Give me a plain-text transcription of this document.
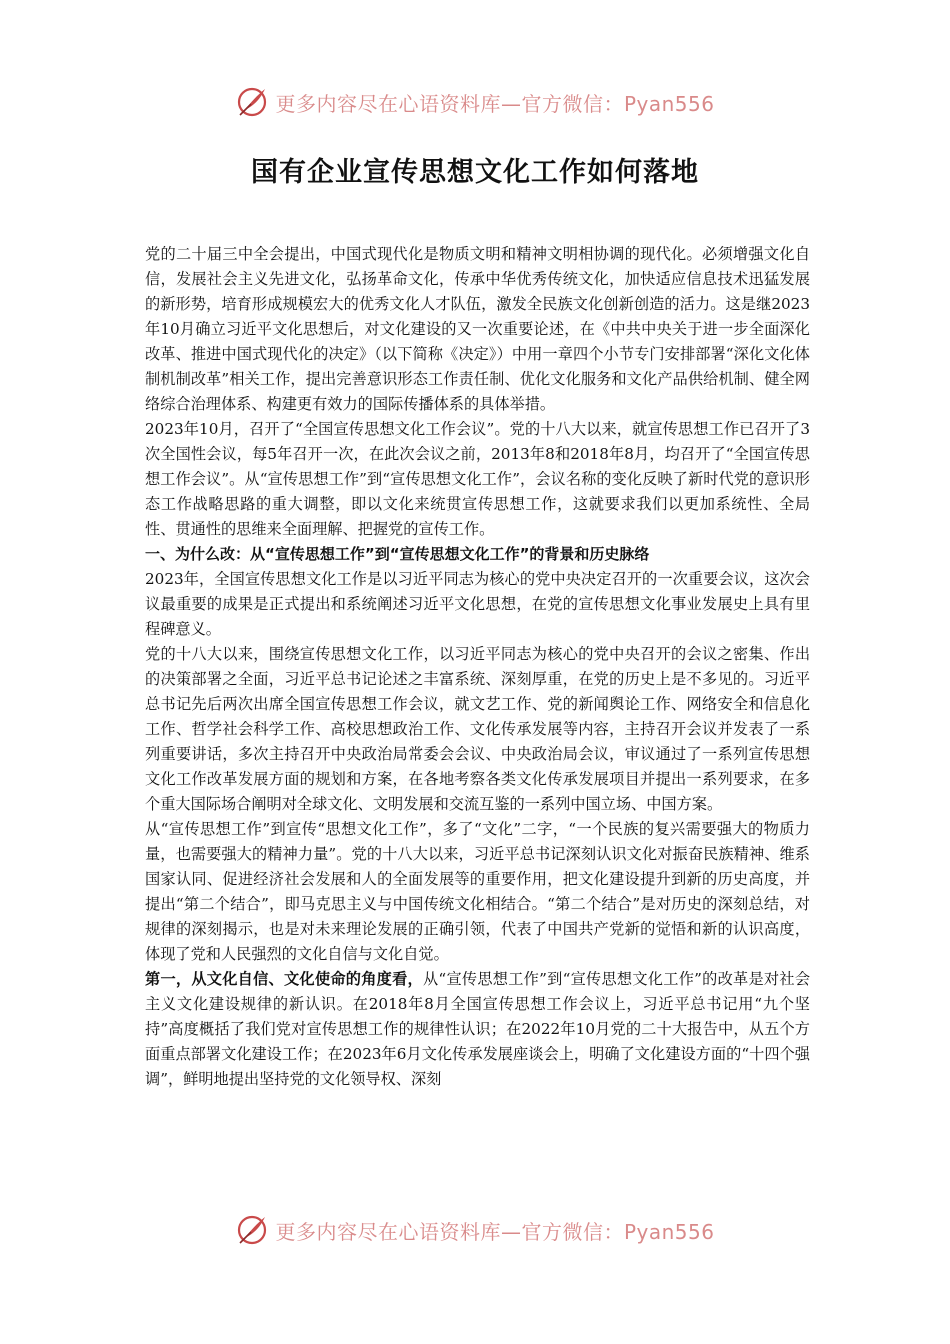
更多内容尽在心语资料库—官方微信：Pyan556
国有企业宣传思想文化工作如何落地

党的二十届三中全会提出，中国式现代化是物质文明和精神文明相协调的现代化。必须增强文化自信，发展社会主义先进文化，弘扬革命文化，传承中华优秀传统文化，加快适应信息技术迅猛发展的新形势，培育形成规模宏大的优秀文化人才队伍，激发全民族文化创新创造的活力。这是继2023年10月确立习近平文化思想后，对文化建设的又一次重要论述，在《中共中央关于进一步全面深化改革、推进中国式现代化的决定》（以下简称《决定》）中用一章四个小节专门安排部署“深化文化体制机制改革”相关工作，提出完善意识形态工作责任制、优化文化服务和文化产品供给机制、健全网络综合治理体系、构建更有效力的国际传播体系的具体举措。

2023年10月，召开了“全国宣传思想文化工作会议”。党的十八大以来，就宣传思想工作已召开了3次全国性会议，每5年召开一次，在此次会议之前，2013年8和2018年8月，均召开了“全国宣传思想工作会议”。从“宣传思想工作”到“宣传思想文化工作”，会议名称的变化反映了新时代党的意识形态工作战略思路的重大调整，即以文化来统贯宣传思想工作，这就要求我们以更加系统性、全局性、贯通性的思维来全面理解、把握党的宣传工作。

一、为什么改：从“宣传思想工作”到“宣传思想文化工作”的背景和历史脉络

2023年，全国宣传思想文化工作是以习近平同志为核心的党中央决定召开的一次重要会议，这次会议最重要的成果是正式提出和系统阐述习近平文化思想，在党的宣传思想文化事业发展史上具有里程碑意义。

党的十八大以来，围绕宣传思想文化工作，以习近平同志为核心的党中央召开的会议之密集、作出的决策部署之全面，习近平总书记论述之丰富系统、深刻厚重，在党的历史上是不多见的。习近平总书记先后两次出席全国宣传思想工作会议，就文艺工作、党的新闻舆论工作、网络安全和信息化工作、哲学社会科学工作、高校思想政治工作、文化传承发展等内容，主持召开会议并发表了一系列重要讲话，多次主持召开中央政治局常委会会议、中央政治局会议，审议通过了一系列宣传思想文化工作改革发展方面的规划和方案，在各地考察各类文化传承发展项目并提出一系列要求，在多个重大国际场合阐明对全球文化、文明发展和交流互鉴的一系列中国立场、中国方案。

从“宣传思想工作”到宣传“思想文化工作”，多了“文化”二字，“一个民族的复兴需要强大的物质力量，也需要强大的精神力量”。党的十八大以来，习近平总书记深刻认识文化对振奋民族精神、维系国家认同、促进经济社会发展和人的全面发展等的重要作用，把文化建设提升到新的历史高度，并提出“第二个结合”，即马克思主义与中国传统文化相结合。“第二个结合”是对历史的深刻总结，对规律的深刻揭示，也是对未来理论发展的正确引领，代表了中国共产党新的觉悟和新的认识高度，体现了党和人民强烈的文化自信与文化自觉。

第一，从文化自信、文化使命的角度看，从“宣传思想工作”到“宣传思想文化工作”的改革是对社会主义文化建设规律的新认识。在2018年8月全国宣传思想工作会议上，习近平总书记用“九个坚持”高度概括了我们党对宣传思想工作的规律性认识；在2022年10月党的二十大报告中，从五个方面重点部署文化建设工作；在2023年6月文化传承发展座谈会上，明确了文化建设方面的“十四个强调”，鲜明地提出坚持党的文化领导权、深刻

更多内容尽在心语资料库—官方微信：Pyan556
